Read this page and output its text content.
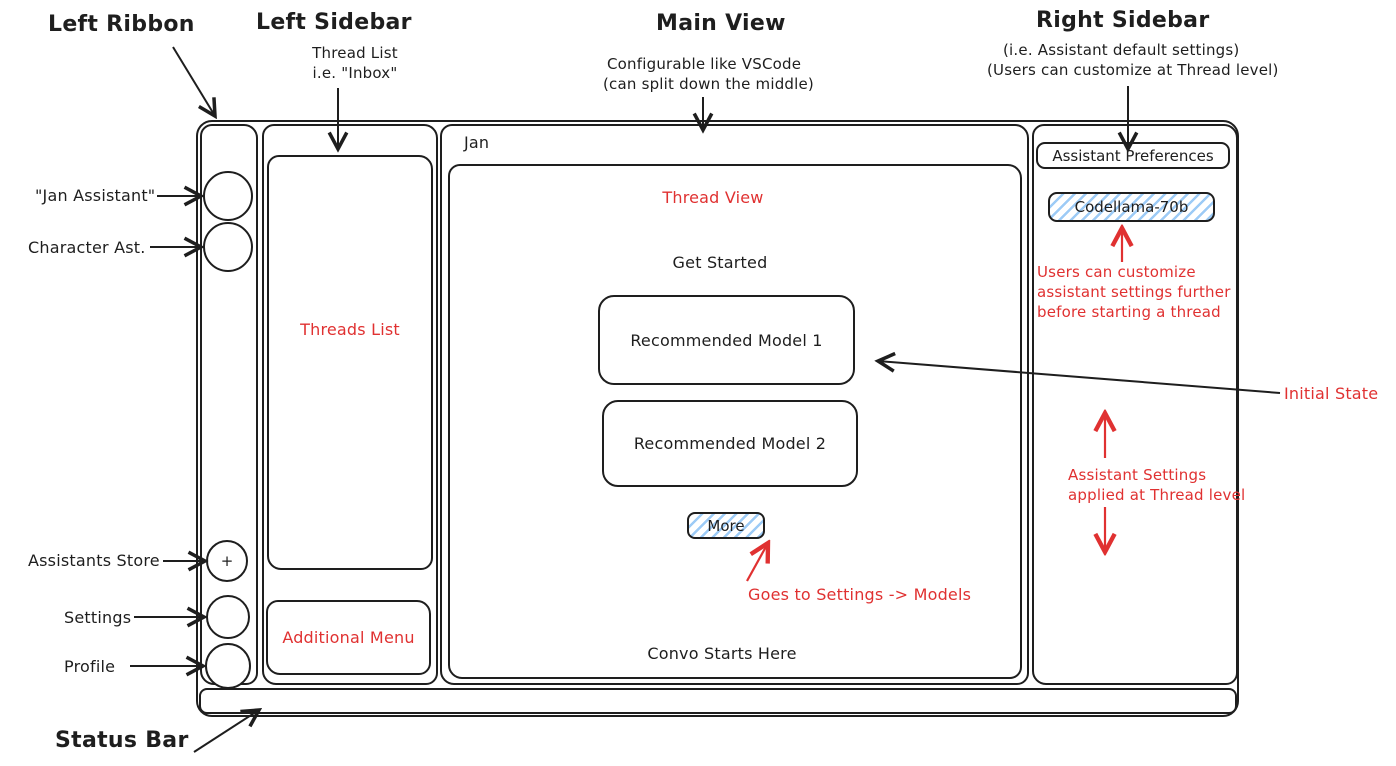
Left Ribbon	Left Sidebar
Thread List
i.e. "Inbox"
Main View
Configurable like VSCode
(can split down the middle)
Right Sidebar
(i.e. Assistant default settings)
(Users can customize at Thread level)
"Jan Assistant"
Character Ast.
Assistants Store
Settings
Profile
Status Bar
+
Threads List
Additional Menu
Jan
Thread View
Get Started
Recommended Model 1
Recommended Model 2
More
Goes to Settings -> Models
Convo Starts Here
Assistant Preferences
Codellama-70b
Users can customize
assistant settings further
before starting a thread
Assistant Settings
applied at Thread level
Initial State
